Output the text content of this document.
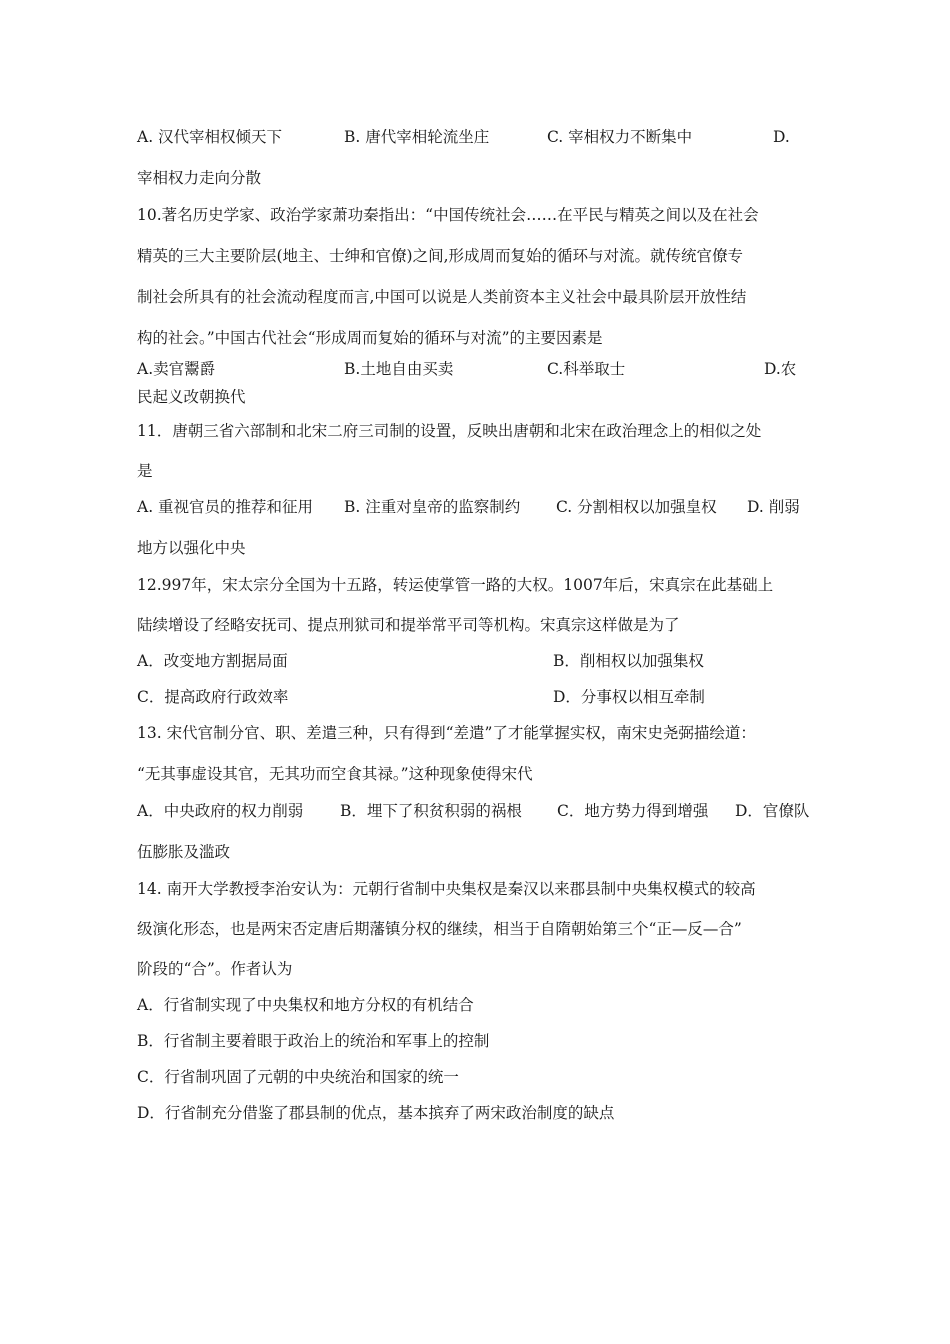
A. 汉代宰相权倾天下	B. 唐代宰相轮流坐庄	C. 宰相权力不断集中	D.
宰相权力走向分散
10.著名历史学家、政治学家萧功秦指出：“中国传统社会……在平民与精英之间以及在社会
精英的三大主要阶层(地主、士绅和官僚)之间,形成周而复始的循环与对流。就传统官僚专
制社会所具有的社会流动程度而言,中国可以说是人类前资本主义社会中最具阶层开放性结
构的社会。”中国古代社会“形成周而复始的循环与对流”的主要因素是
A.卖官鬻爵	B.土地自由买卖	C.科举取士	D.农
民起义改朝换代
11．唐朝三省六部制和北宋二府三司制的设置，反映出唐朝和北宋在政治理念上的相似之处
是
A. 重视官员的推荐和征用 B. 注重对皇帝的监察制约 C. 分割相权以加强皇权 D. 削弱
地方以强化中央
12.997年，宋太宗分全国为十五路，转运使掌管一路的大权。1007年后，宋真宗在此基础上
陆续增设了经略安抚司、提点刑狱司和提举常平司等机构。宋真宗这样做是为了
A．改变地方割据局面	B．削相权以加强集权
C．提高政府行政效率	D．分事权以相互牵制
13. 宋代官制分官、职、差遣三种，只有得到“差遣”了才能掌握实权，南宋史尧弼描绘道：
“无其事虚设其官，无其功而空食其禄。”这种现象使得宋代
A．中央政府的权力削弱 B．埋下了积贫积弱的祸根 C．地方势力得到增强 D．官僚队
伍膨胀及滥政
14. 南开大学教授李治安认为：元朝行省制中央集权是秦汉以来郡县制中央集权模式的较高
级演化形态，也是两宋否定唐后期藩镇分权的继续，相当于自隋朝始第三个“正—反—合”
阶段的“合”。作者认为
A．行省制实现了中央集权和地方分权的有机结合
B．行省制主要着眼于政治上的统治和军事上的控制
C．行省制巩固了元朝的中央统治和国家的统一
D．行省制充分借鉴了郡县制的优点，基本摈弃了两宋政治制度的缺点
